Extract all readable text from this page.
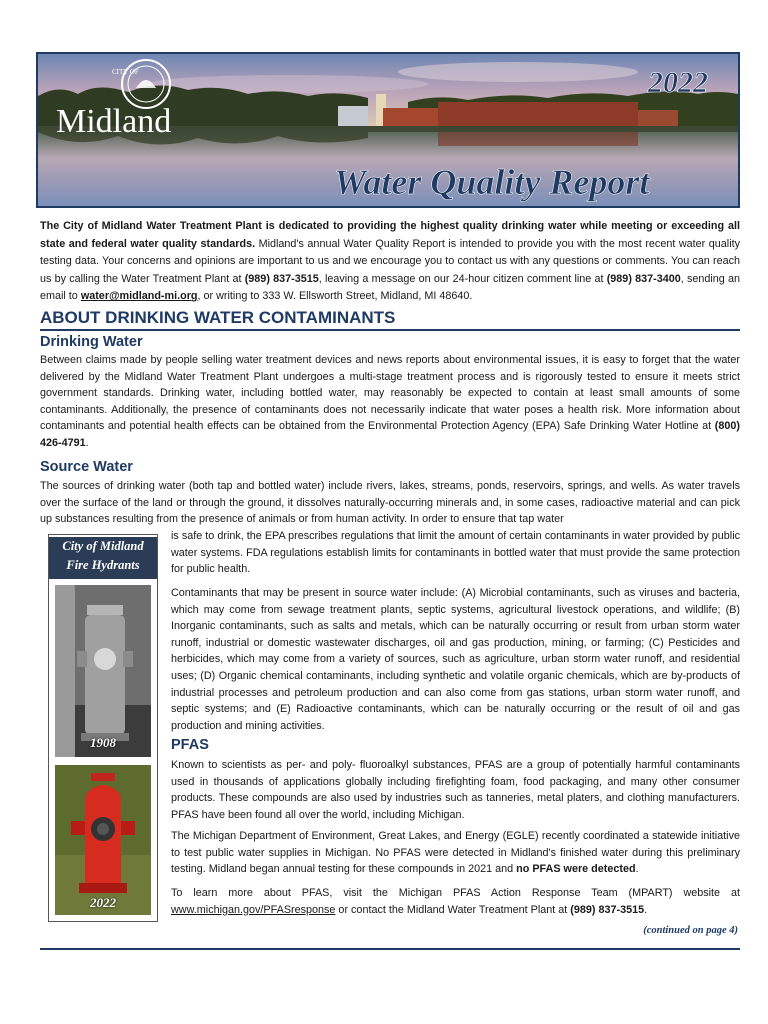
CITY OF
Midland
2022
Water Quality Report
The City of Midland Water Treatment Plant is dedicated to providing the highest quality drinking water while meeting or exceeding all state and federal water quality standards. Midland's annual Water Quality Report is intended to provide you with the most recent water quality testing data. Your concerns and opinions are important to us and we encourage you to contact us with any questions or comments. You can reach us by calling the Water Treatment Plant at (989) 837-3515, leaving a message on our 24-hour citizen comment line at (989) 837-3400, sending an email to water@midland-mi.org, or writing to 333 W. Ellsworth Street, Midland, MI 48640.
ABOUT DRINKING WATER CONTAMINANTS
Drinking Water

Between claims made by people selling water treatment devices and news reports about environmental issues, it is easy to forget that the water delivered by the Midland Water Treatment Plant undergoes a multi-stage treatment process and is rigorously tested to ensure it meets strict government standards. Drinking water, including bottled water, may reasonably be expected to contain at least small amounts of some contaminants. Additionally, the presence of contaminants does not necessarily indicate that water poses a health risk. More information about contaminants and potential health effects can be obtained from the Environmental Protection Agency (EPA) Safe Drinking Water Hotline at (800) 426-4791.

Source Water

The sources of drinking water (both tap and bottled water) include rivers, lakes, streams, ponds, reservoirs, springs, and wells. As water travels over the surface of the land or through the ground, it dissolves naturally-occurring minerals and, in some cases, radioactive material and can pick up substances resulting from the presence of animals or from human activity. In order to ensure that tap water

is safe to drink, the EPA prescribes regulations that limit the amount of certain contaminants in water provided by public water systems. FDA regulations establish limits for contaminants in bottled water that must provide the same protection for public health.

Contaminants that may be present in source water include: (A) Microbial contaminants, such as viruses and bacteria, which may come from sewage treatment plants, septic systems, agricultural livestock operations, and wildlife; (B) Inorganic contaminants, such as salts and metals, which can be naturally occurring or result from urban storm water runoff, industrial or domestic wastewater discharges, oil and gas production, mining, or farming; (C) Pesticides and herbicides, which may come from a variety of sources, such as agriculture, urban storm water runoff, and residential uses; (D) Organic chemical contaminants, including synthetic and volatile organic chemicals, which are by-products of industrial processes and petroleum production and can also come from gas stations, urban storm water runoff, and septic systems; and (E) Radioactive contaminants, which can be naturally occurring or the result of oil and gas production and mining activities.

City of Midland
Fire Hydrants
1908
2022
PFAS

Known to scientists as per- and poly- fluoroalkyl substances, PFAS are a group of potentially harmful contaminants used in thousands of applications globally including firefighting foam, food packaging, and many other consumer products. These compounds are also used by industries such as tanneries, metal platers, and clothing manufacturers. PFAS have been found all over the world, including Michigan.

The Michigan Department of Environment, Great Lakes, and Energy (EGLE) recently coordinated a statewide initiative to test public water supplies in Michigan. No PFAS were detected in Midland's finished water during this preliminary testing. Midland began annual testing for these compounds in 2021 and no PFAS were detected.

To learn more about PFAS, visit the Michigan PFAS Action Response Team (MPART) website at www.michigan.gov/PFASresponse or contact the Midland Water Treatment Plant at (989) 837-3515.

(continued on page 4)
